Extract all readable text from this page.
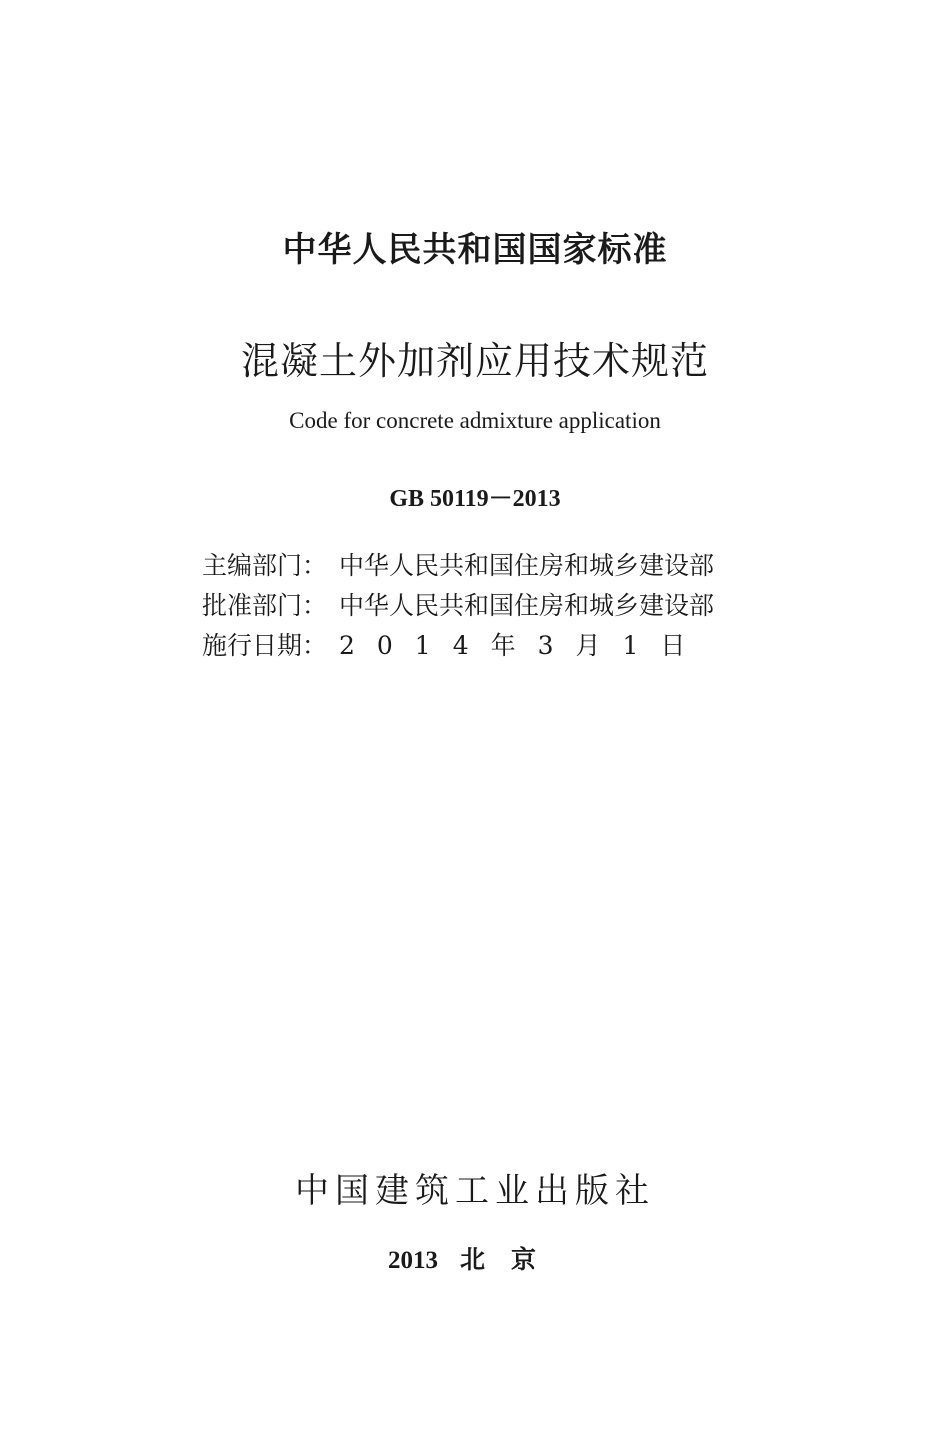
中华人民共和国国家标准
混凝土外加剂应用技术规范
Code for concrete admixture application
GB 50119－2013
主编部门： 中华人民共和国住房和城乡建设部
批准部门： 中华人民共和国住房和城乡建设部
施行日期： 2014年3月1日
中国建筑工业出版社
2013 北京
